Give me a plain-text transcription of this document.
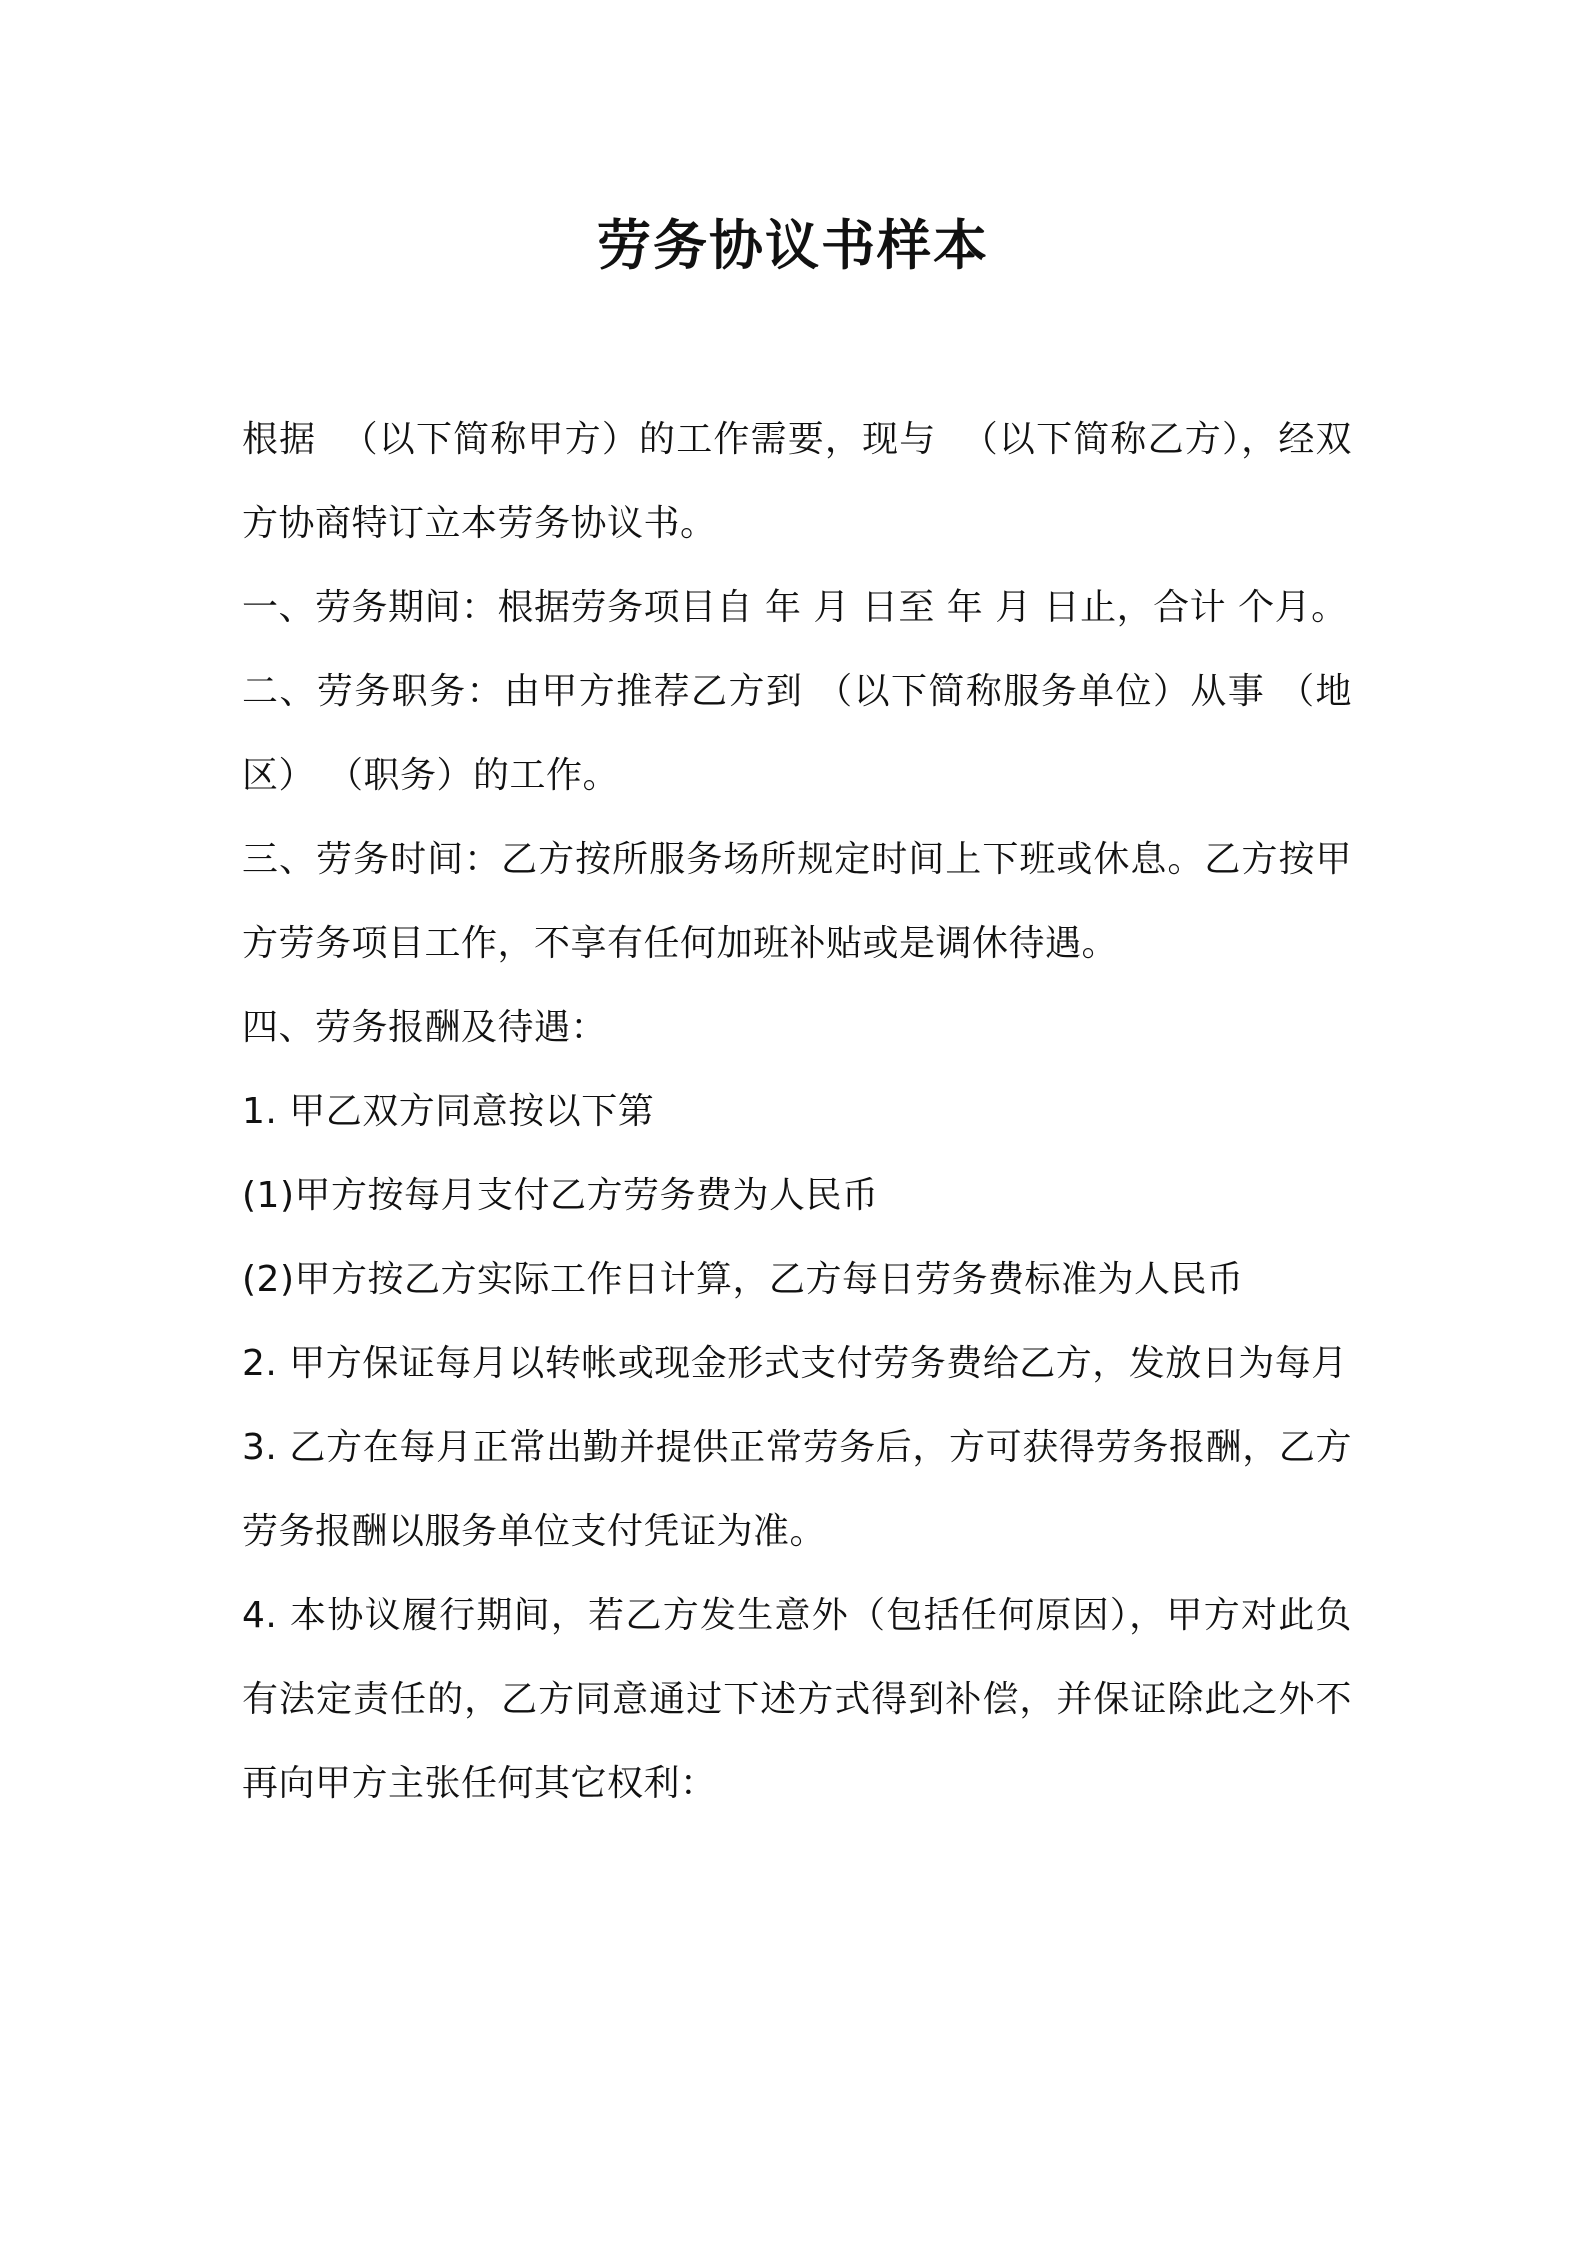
劳务协议书样本

根据  （以下简称甲方）的工作需要，现与  （以下简称乙方），经双方协商特订立本劳务协议书。

一、劳务期间：根据劳务项目自 年 月 日至 年 月 日止，合计 个月。

二、劳务职务：由甲方推荐乙方到 （以下简称服务单位）从事 （地区） （职务）的工作。

三、劳务时间：乙方按所服务场所规定时间上下班或休息。乙方按甲方劳务项目工作，不享有任何加班补贴或是调休待遇。

四、劳务报酬及待遇：

1. 甲乙双方同意按以下第

(1)甲方按每月支付乙方劳务费为人民币

(2)甲方按乙方实际工作日计算，乙方每日劳务费标准为人民币

2. 甲方保证每月以转帐或现金形式支付劳务费给乙方，发放日为每月

3. 乙方在每月正常出勤并提供正常劳务后，方可获得劳务报酬，乙方劳务报酬以服务单位支付凭证为准。

4. 本协议履行期间，若乙方发生意外（包括任何原因），甲方对此负有法定责任的，乙方同意通过下述方式得到补偿，并保证除此之外不再向甲方主张任何其它权利：
